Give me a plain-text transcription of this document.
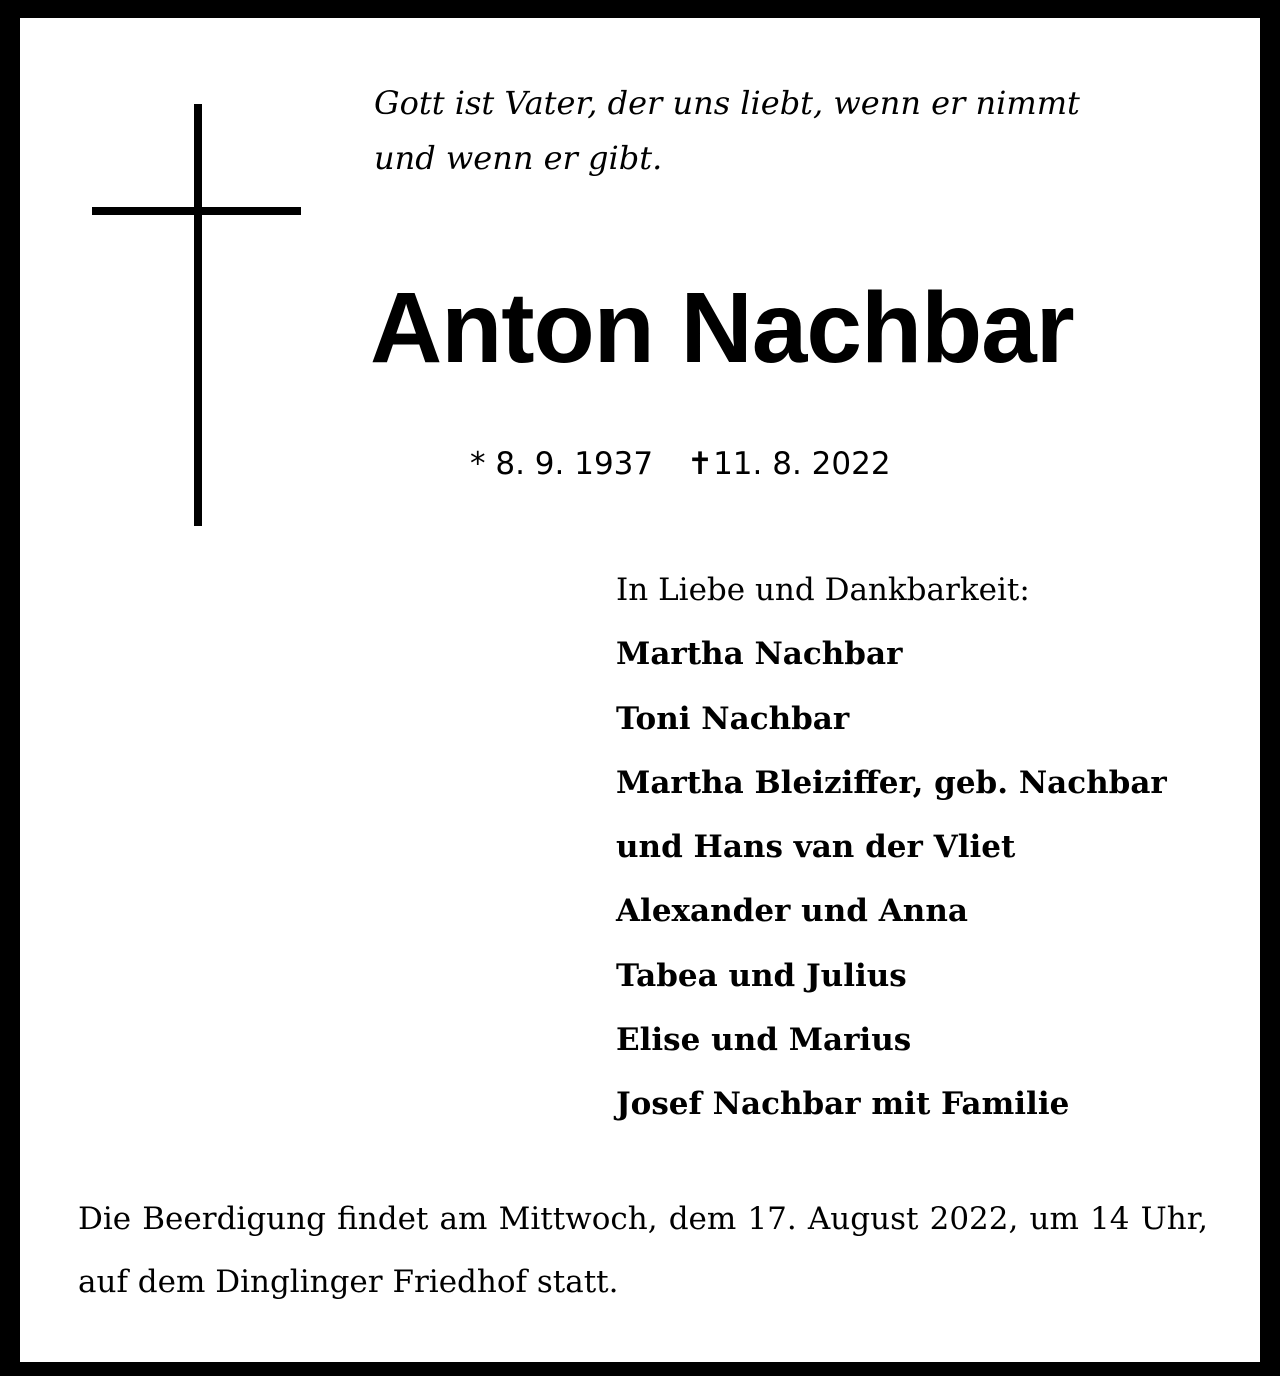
Gott ist Vater, der uns liebt, wenn er nimmt
und wenn er gibt.
Anton Nachbar
* 8. 9. 1937 ✝11. 8. 2022
In Liebe und Dankbarkeit:
Martha Nachbar
Toni Nachbar
Martha Bleiziffer, geb. Nachbar
und Hans van der Vliet
Alexander und Anna
Tabea und Julius
Elise und Marius
Josef Nachbar mit Familie
Die Beerdigung findet am Mittwoch, dem 17. August 2022, um 14 Uhr, auf dem Dinglinger Friedhof statt.
